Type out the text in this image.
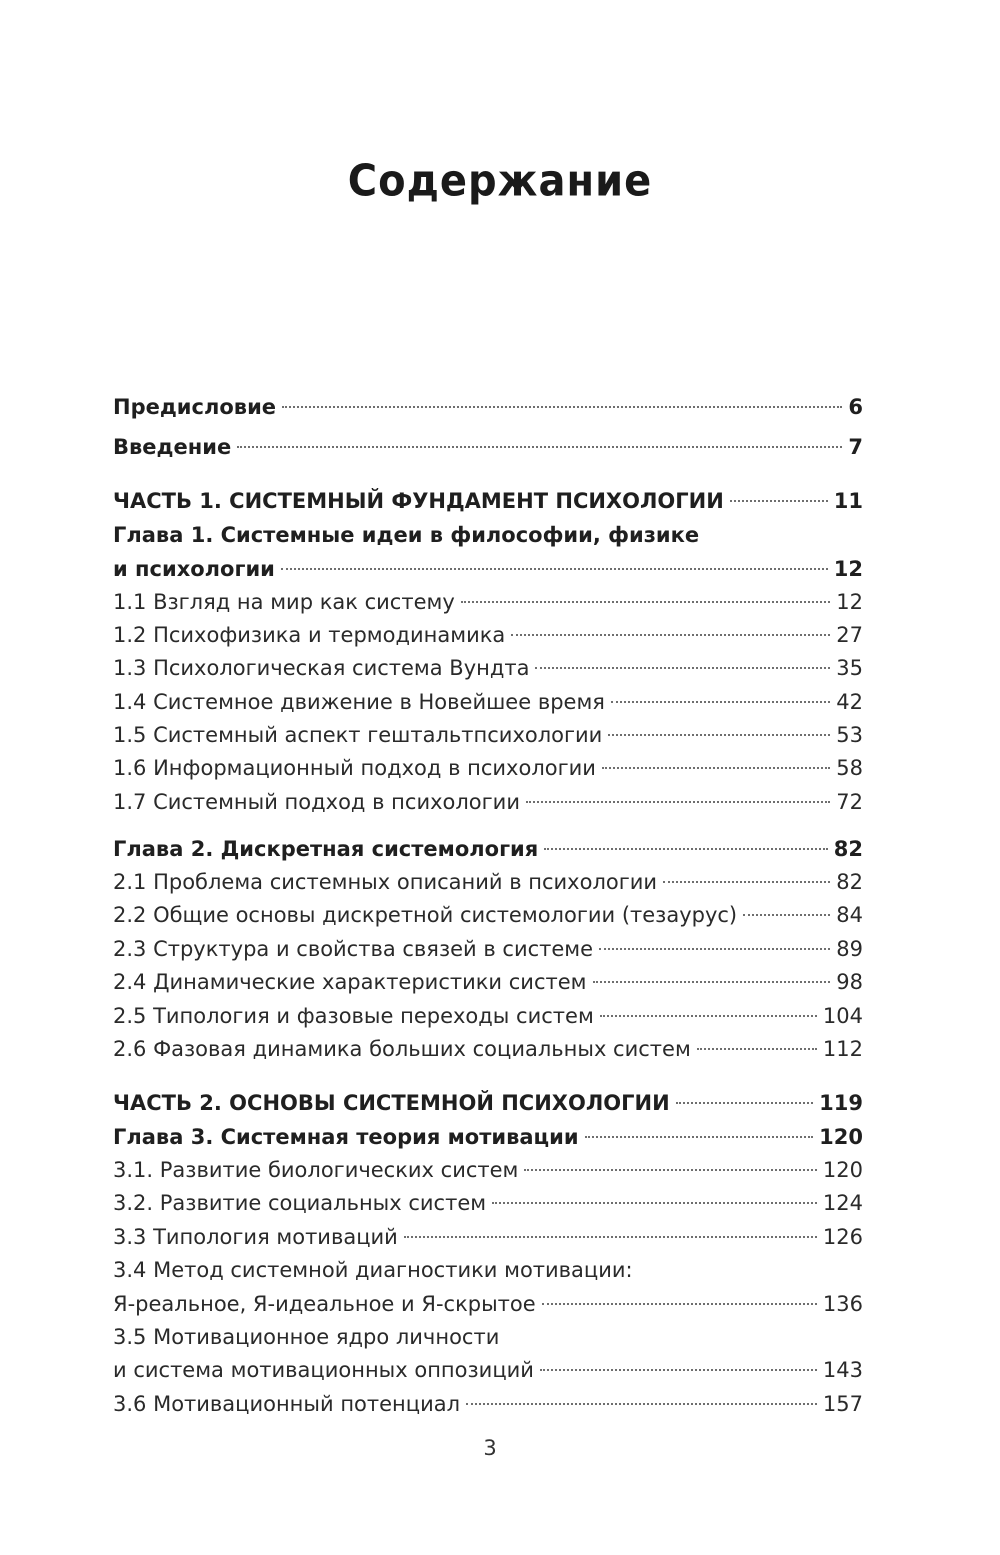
Содержание
Предисловие	6
Введение	7
ЧАСТЬ 1. СИСТЕМНЫЙ ФУНДАМЕНТ ПСИХОЛОГИИ	11
Глава 1. Системные идеи в философии, физике
и психологии	12
1.1 Взгляд на мир как систему	12
1.2 Психофизика и термодинамика	27
1.3 Психологическая система Вундта	35
1.4 Системное движение в Новейшее время	42
1.5 Системный аспект гештальтпсихологии	53
1.6 Информационный подход в психологии	58
1.7 Системный подход в психологии	72
Глава 2. Дискретная системология	82
2.1 Проблема системных описаний в психологии	82
2.2 Общие основы дискретной системологии (тезаурус)	84
2.3 Структура и свойства связей в системе	89
2.4 Динамические характеристики систем	98
2.5 Типология и фазовые переходы систем	104
2.6 Фазовая динамика больших социальных систем	112
ЧАСТЬ 2. ОСНОВЫ СИСТЕМНОЙ ПСИХОЛОГИИ	119
Глава 3. Системная теория мотивации	120
3.1. Развитие биологических систем	120
3.2. Развитие социальных систем	124
3.3 Типология мотиваций	126
3.4 Метод системной диагностики мотивации:
Я-реальное, Я-идеальное и Я-скрытое	136
3.5 Мотивационное ядро личности
и система мотивационных оппозиций	143
3.6 Мотивационный потенциал	157
3
